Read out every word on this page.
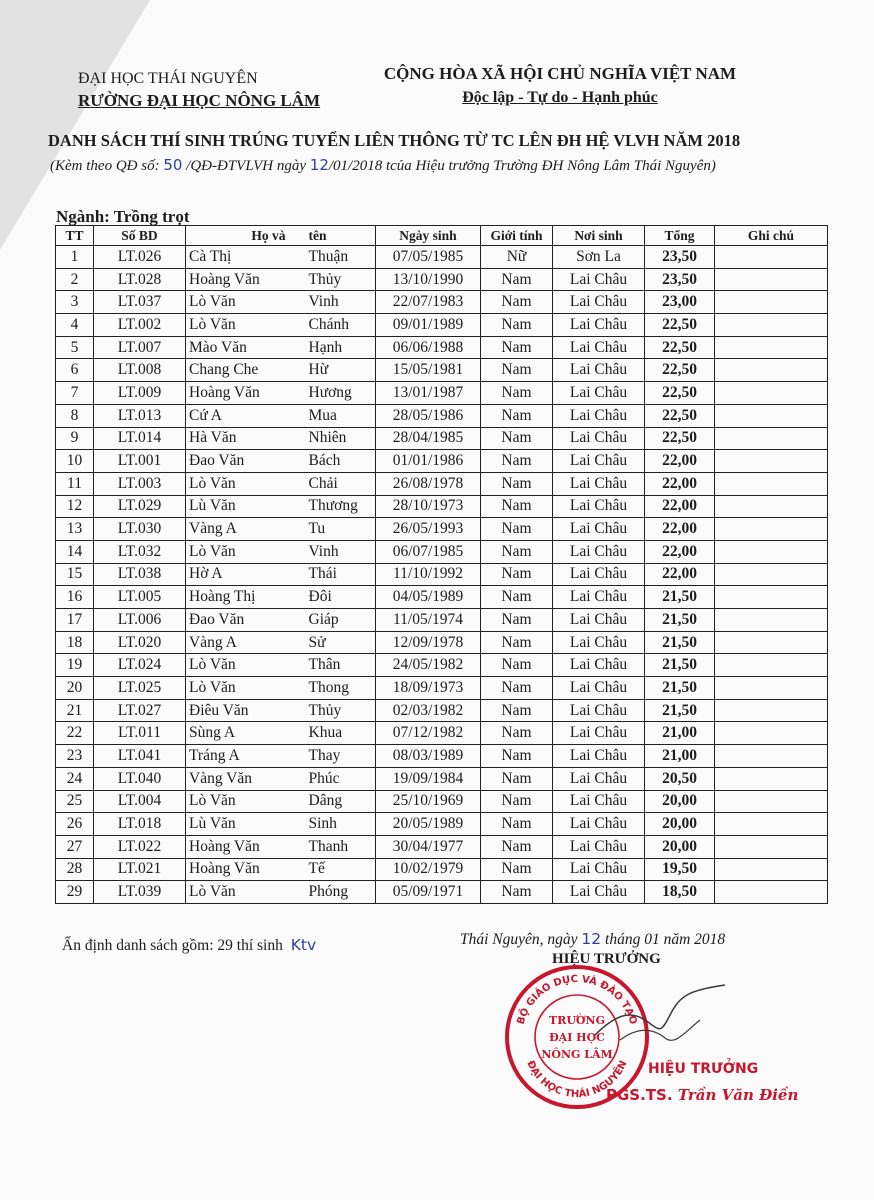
ĐẠI HỌC THÁI NGUYÊN
RƯỜNG ĐẠI HỌC NÔNG LÂM
CỘNG HÒA XÃ HỘI CHỦ NGHĨA VIỆT NAM
Độc lập - Tự do - Hạnh phúc
DANH SÁCH THÍ SINH TRÚNG TUYỂN LIÊN THÔNG TỪ TC LÊN ĐH HỆ VLVH NĂM 2018
(Kèm theo QĐ số: 50 /QĐ-ĐTVLVH ngày 12/01/2018 tcủa Hiệu trưởng Trường ĐH Nông Lâm Thái Nguyên)
Ngành: Trồng trọt
TT	Số BD	Họ và	tên	Ngày sinh	Giới tính	Nơi sinh	Tổng	Ghi chú
1	LT.026	Cà Thị	Thuận	07/05/1985	Nữ	Sơn La	23,50	
2	LT.028	Hoàng Văn	Thủy	13/10/1990	Nam	Lai Châu	23,50	
3	LT.037	Lò Văn	Vinh	22/07/1983	Nam	Lai Châu	23,00	
4	LT.002	Lò Văn	Chánh	09/01/1989	Nam	Lai Châu	22,50	
5	LT.007	Mào Văn	Hạnh	06/06/1988	Nam	Lai Châu	22,50	
6	LT.008	Chang Che	Hừ	15/05/1981	Nam	Lai Châu	22,50	
7	LT.009	Hoàng Văn	Hương	13/01/1987	Nam	Lai Châu	22,50	
8	LT.013	Cứ A	Mua	28/05/1986	Nam	Lai Châu	22,50	
9	LT.014	Hà Văn	Nhiên	28/04/1985	Nam	Lai Châu	22,50	
10	LT.001	Đao Văn	Bách	01/01/1986	Nam	Lai Châu	22,00	
11	LT.003	Lò Văn	Chải	26/08/1978	Nam	Lai Châu	22,00	
12	LT.029	Lù Văn	Thương	28/10/1973	Nam	Lai Châu	22,00	
13	LT.030	Vàng A	Tu	26/05/1993	Nam	Lai Châu	22,00	
14	LT.032	Lò Văn	Vinh	06/07/1985	Nam	Lai Châu	22,00	
15	LT.038	Hờ A	Thái	11/10/1992	Nam	Lai Châu	22,00	
16	LT.005	Hoàng Thị	Đôi	04/05/1989	Nam	Lai Châu	21,50	
17	LT.006	Đao Văn	Giáp	11/05/1974	Nam	Lai Châu	21,50	
18	LT.020	Vàng A	Sử	12/09/1978	Nam	Lai Châu	21,50	
19	LT.024	Lò Văn	Thân	24/05/1982	Nam	Lai Châu	21,50	
20	LT.025	Lò Văn	Thong	18/09/1973	Nam	Lai Châu	21,50	
21	LT.027	Điêu Văn	Thủy	02/03/1982	Nam	Lai Châu	21,50	
22	LT.011	Sùng A	Khua	07/12/1982	Nam	Lai Châu	21,00	
23	LT.041	Tráng A	Thay	08/03/1989	Nam	Lai Châu	21,00	
24	LT.040	Vàng Văn	Phúc	19/09/1984	Nam	Lai Châu	20,50	
25	LT.004	Lò Văn	Dâng	25/10/1969	Nam	Lai Châu	20,00	
26	LT.018	Lù Văn	Sinh	20/05/1989	Nam	Lai Châu	20,00	
27	LT.022	Hoàng Văn	Thanh	30/04/1977	Nam	Lai Châu	20,00	
28	LT.021	Hoàng Văn	Tế	10/02/1979	Nam	Lai Châu	19,50	
29	LT.039	Lò Văn	Phóng	05/09/1971	Nam	Lai Châu	18,50	
Ấn định danh sách gồm: 29 thí sinh Ktv	Thái Nguyên, ngày 12 tháng 01 năm 2018
HIỆU TRƯỞNG
BỘ GIÁO DỤC VÀ ĐÀO TẠO
ĐẠI HỌC THÁI NGUYÊN
TRƯỜNG
ĐẠI HỌC
NÔNG LÂM
HIỆU TRƯỞNG
PGS.TS. Trần Văn Điền
